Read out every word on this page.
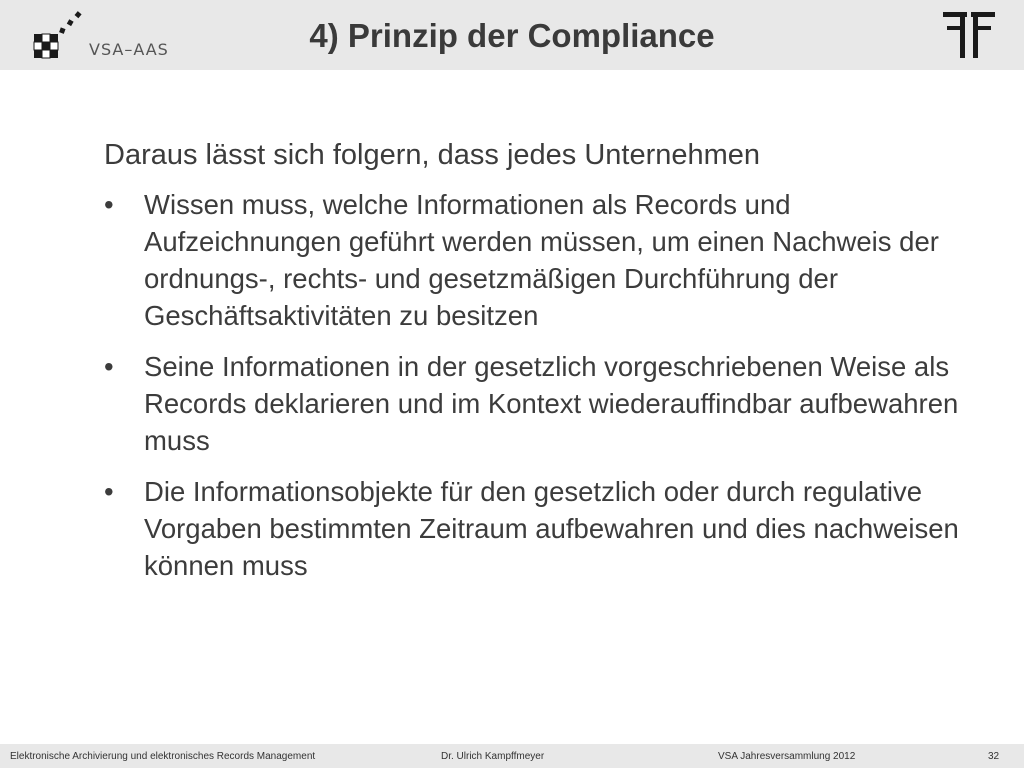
VSA–AAS	4) Prinzip der Compliance

Daraus lässt sich folgern, dass jedes Unternehmen

• Wissen muss, welche Informationen als Records und Aufzeichnungen geführt werden müssen, um einen Nachweis der ordnungs-, rechts- und gesetzmäßigen Durchführung der Geschäftsaktivitäten zu besitzen
• Seine Informationen in der gesetzlich vorgeschriebenen Weise als Records deklarieren und im Kontext wiederauffindbar aufbewahren muss
• Die Informationsobjekte für den gesetzlich oder durch regulative Vorgaben bestimmten Zeitraum aufbewahren und dies nachweisen können muss
Elektronische Archivierung und elektronisches Records Management	Dr. Ulrich Kampffmeyer	VSA Jahresversammlung 2012	32
